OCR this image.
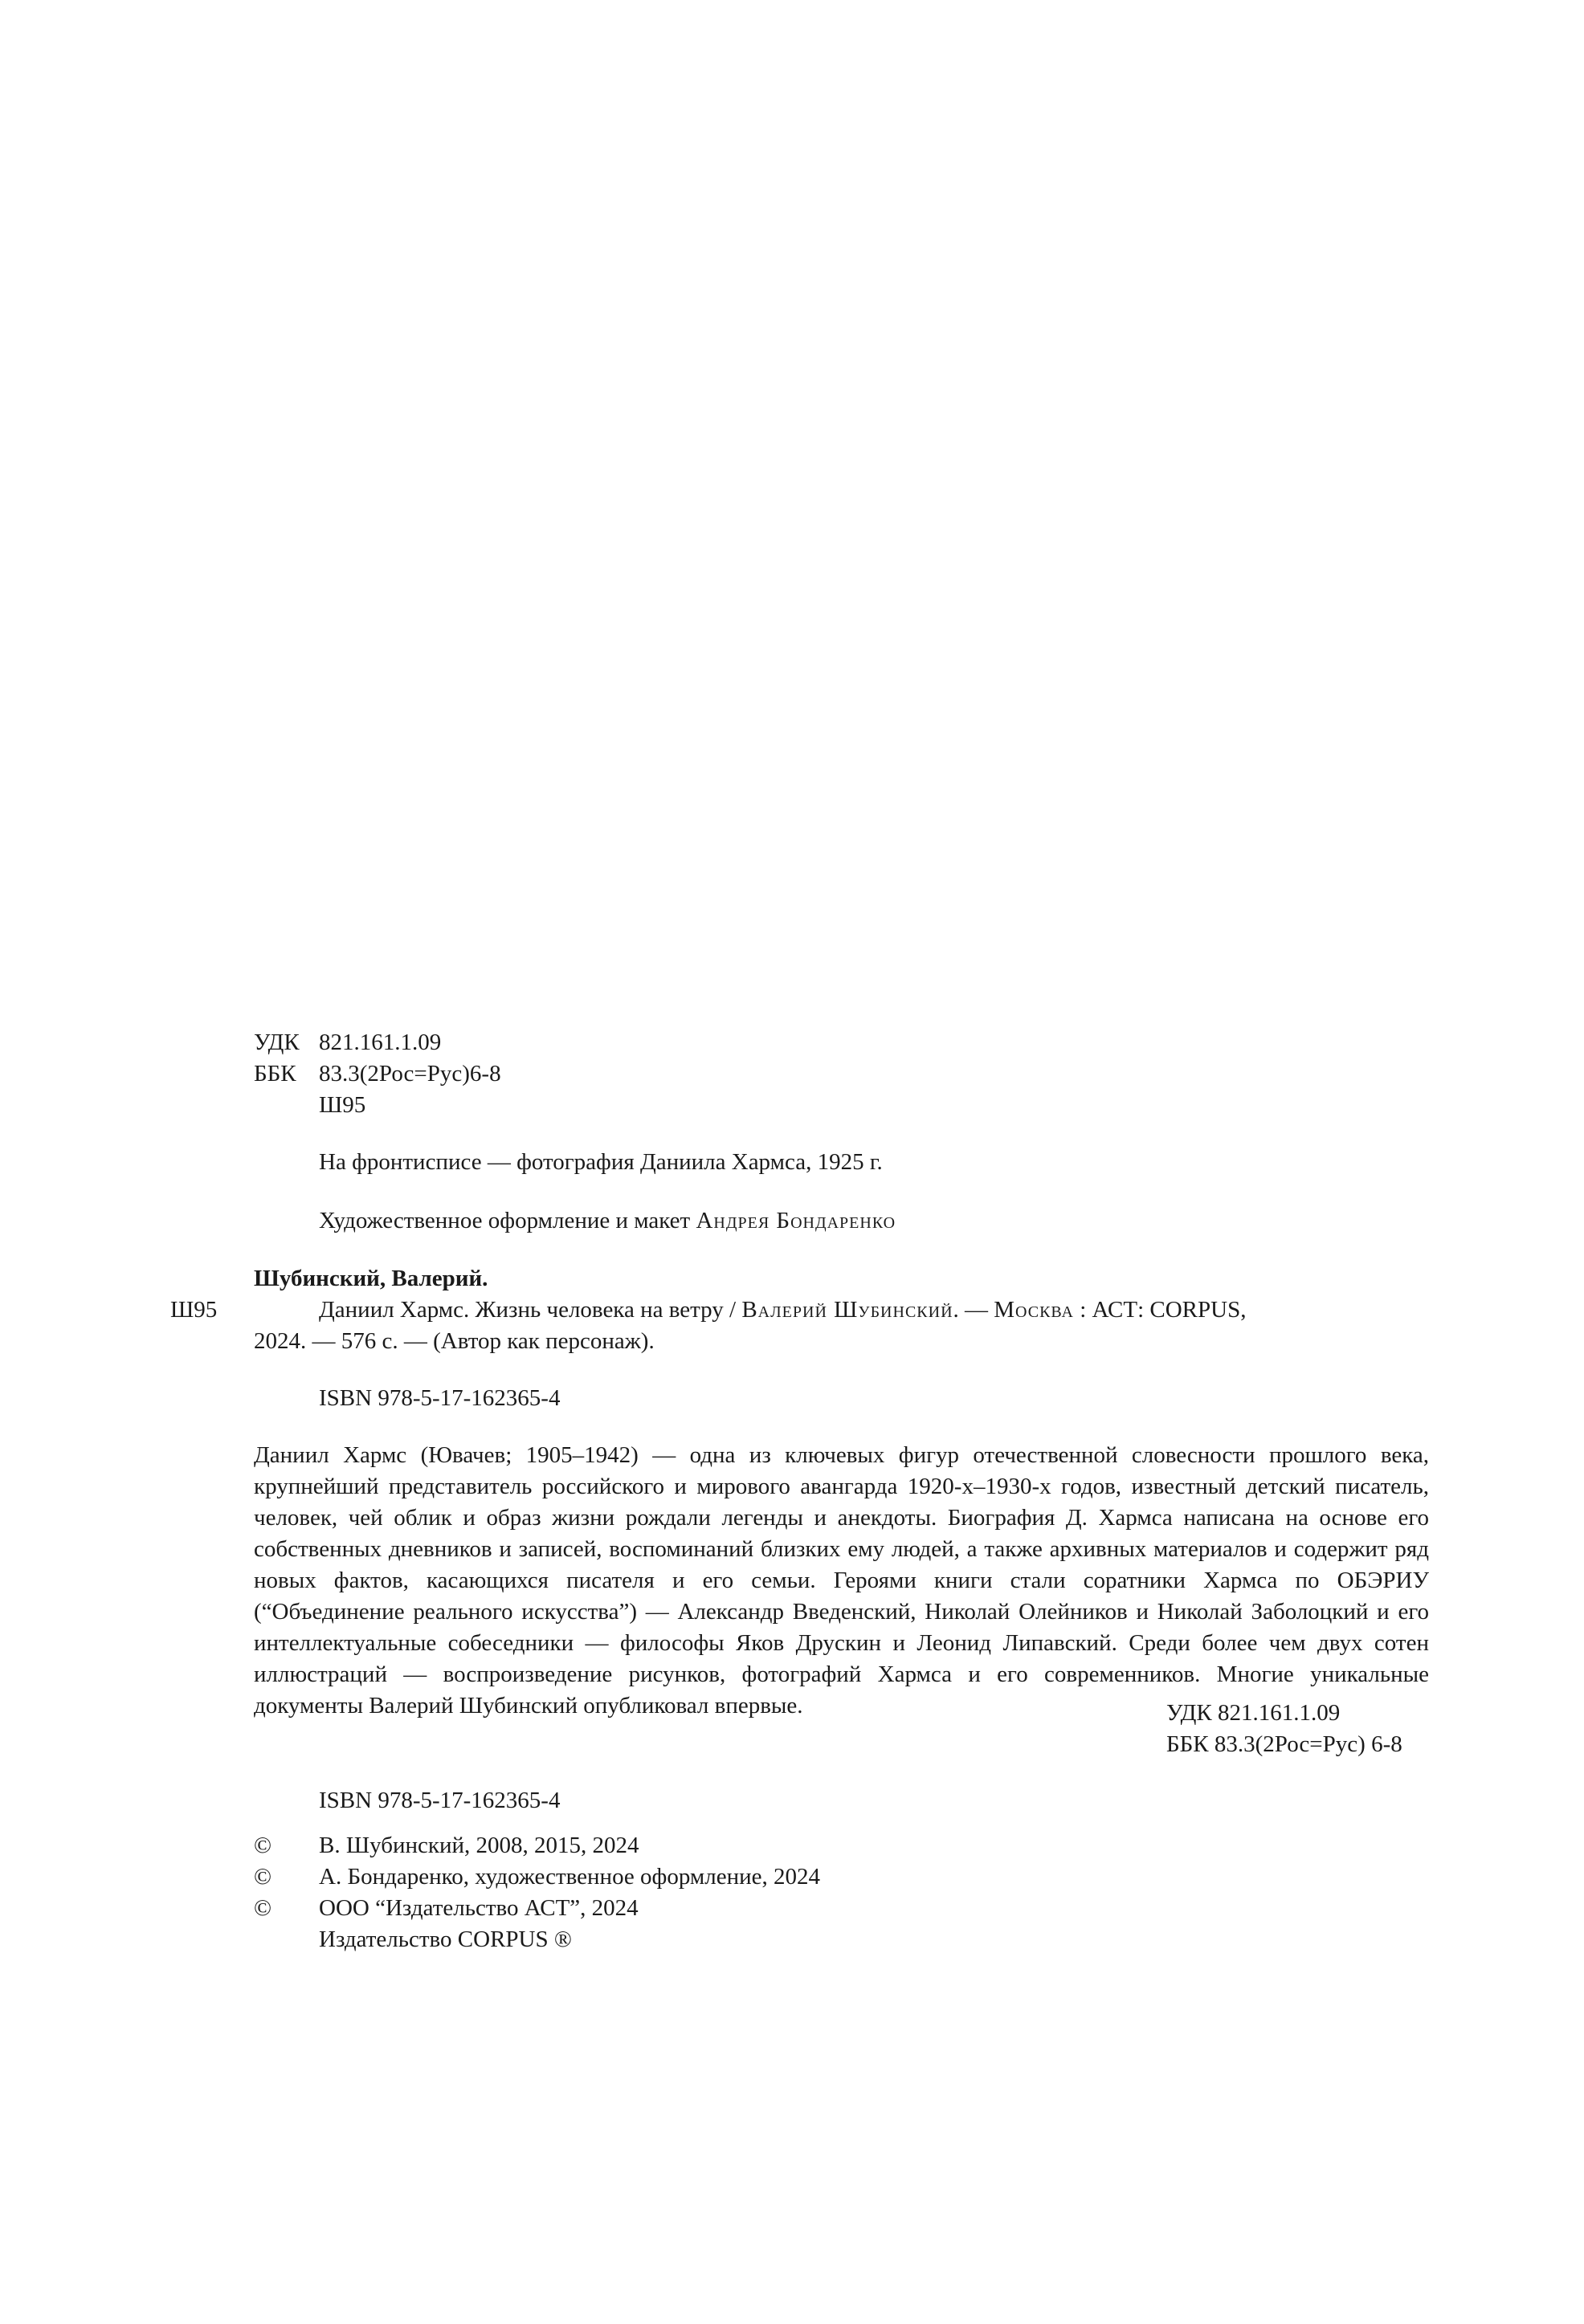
УДК 821.161.1.09
ББК 83.3(2Рос=Рус)6-8
Ш95
На фронтисписе — фотография Даниила Хармса, 1925 г.
Художественное оформление и макет Андрея Бондаренко
Шубинский, Валерий.
Ш95	Даниил Хармс. Жизнь человека на ветру / Валерий Шубинский. — Москва : АСТ: CORPUS,
2024. — 576 с. — (Автор как персонаж).
ISBN 978-5-17-162365-4
Даниил Хармс (Ювачев; 1905–1942) — одна из ключевых фигур отечественной словесности прошлого века, крупнейший представитель российского и мирового авангарда 1920-х–1930-х годов, известный детский писатель, человек, чей облик и образ жизни рождали легенды и анекдоты. Биография Д. Хармса написана на основе его собственных дневников и записей, воспоминаний близких ему людей, а также архивных материалов и содержит ряд новых фактов, касающихся писателя и его семьи. Героями книги стали соратники Хармса по ОБЭРИУ (“Объединение реального искусства”) — Александр Введенский, Николай Олейников и Николай Заболоцкий и его интеллектуальные собеседники — философы Яков Друскин и Леонид Липавский. Среди более чем двух сотен иллюстраций — воспроизведение рисунков, фотографий Хармса и его современников. Многие уникальные документы Валерий Шубинский опубликовал впервые.	УДК 821.161.1.09
ББК 83.3(2Рос=Рус) 6-8
ISBN 978-5-17-162365-4
© В. Шубинский, 2008, 2015, 2024
© А. Бондаренко, художественное оформление, 2024
© ООО “Издательство АСТ”, 2024
Издательство CORPUS ®
